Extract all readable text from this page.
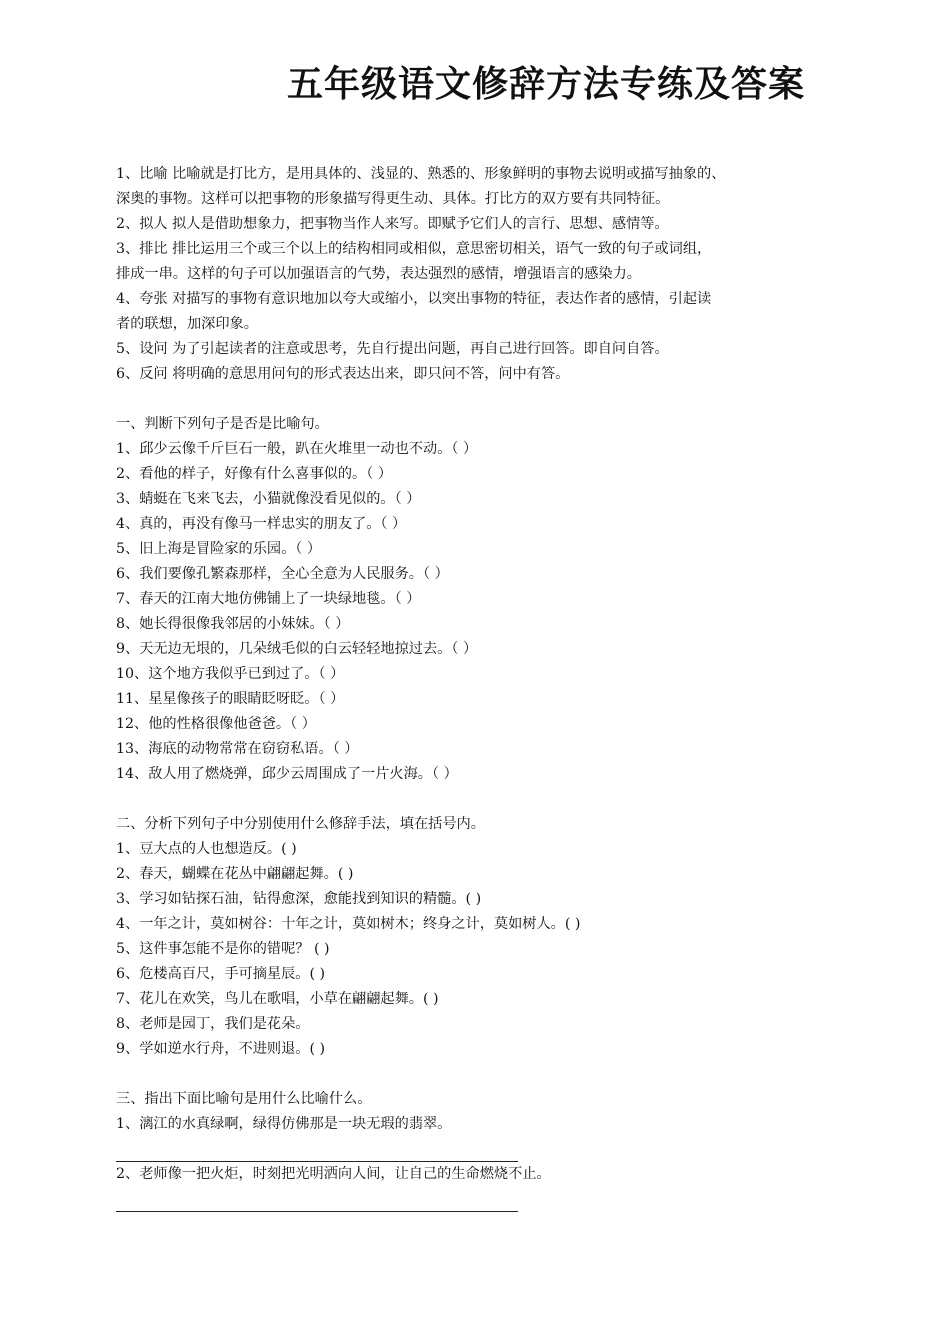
五年级语文修辞方法专练及答案
1、比喻 比喻就是打比方，是用具体的、浅显的、熟悉的、形象鲜明的事物去说明或描写抽象的、
深奥的事物。这样可以把事物的形象描写得更生动、具体。打比方的双方要有共同特征。
2、拟人 拟人是借助想象力，把事物当作人来写。即赋予它们人的言行、思想、感情等。
3、排比 排比运用三个或三个以上的结构相同或相似，意思密切相关，语气一致的句子或词组，
排成一串。这样的句子可以加强语言的气势，表达强烈的感情，增强语言的感染力。
4、夸张 对描写的事物有意识地加以夸大或缩小，以突出事物的特征，表达作者的感情，引起读
者的联想，加深印象。
5、设问 为了引起读者的注意或思考，先自行提出问题，再自己进行回答。即自问自答。
6、反问 将明确的意思用问句的形式表达出来，即只问不答，问中有答。
一、判断下列句子是否是比喻句。
1、邱少云像千斤巨石一般，趴在火堆里一动也不动。（ ）
2、看他的样子，好像有什么喜事似的。（ ）
3、蜻蜓在飞来飞去，小猫就像没看见似的。（ ）
4、真的，再没有像马一样忠实的朋友了。（ ）
5、旧上海是冒险家的乐园。（ ）
6、我们要像孔繁森那样，全心全意为人民服务。（ ）
7、春天的江南大地仿佛铺上了一块绿地毯。（ ）
8、她长得很像我邻居的小妹妹。（ ）
9、天无边无垠的，几朵绒毛似的白云轻轻地掠过去。（ ）
10、这个地方我似乎已到过了。（ ）
11、星星像孩子的眼睛眨呀眨。（ ）
12、他的性格很像他爸爸。（ ）
13、海底的动物常常在窃窃私语。（ ）
14、敌人用了燃烧弹，邱少云周围成了一片火海。（ ）
二、分析下列句子中分别使用什么修辞手法，填在括号内。
1、豆大点的人也想造反。( )
2、春天，蝴蝶在花丛中翩翩起舞。( )
3、学习如钻探石油，钻得愈深，愈能找到知识的精髓。( )
4、一年之计，莫如树谷：十年之计，莫如树木；终身之计，莫如树人。( )
5、这件事怎能不是你的错呢？ ( )
6、危楼高百尺，手可摘星辰。( )
7、花儿在欢笑，鸟儿在歌唱，小草在翩翩起舞。( )
8、老师是园丁，我们是花朵。
9、学如逆水行舟，不进则退。( )
三、指出下面比喻句是用什么比喻什么。
1、漓江的水真绿啊，绿得仿佛那是一块无瑕的翡翠。
2、老师像一把火炬，时刻把光明洒向人间，让自己的生命燃烧不止。
